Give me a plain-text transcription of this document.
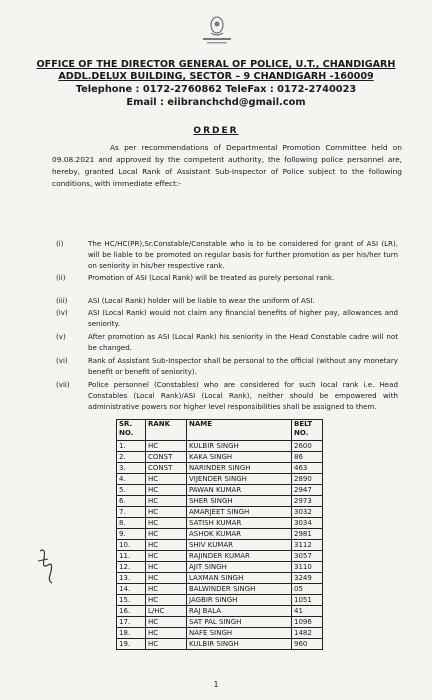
OFFICE OF THE DIRECTOR GENERAL OF POLICE, U.T., CHANDIGARH
ADDL.DELUX BUILDING, SECTOR – 9 CHANDIGARH -160009
Telephone : 0172-2760862 TeleFax : 0172-2740023
Email : eiibranchchd@gmail.com
ORDER

As per recommendations of Departmental Promotion Committee held on 09.08.2021 and approved by the competent authority, the following police personnel are, hereby, granted Local Rank of Assistant Sub-Inspector of Police subject to the following conditions, with immediate effect:-

(i)	The HC/HC(PR),Sr.Constable/Constable who is to be considered for grant of ASI (LR), will be liable to be promoted on regular basis for further promotion as per his/her turn on seniority in his/her respective rank.
(ii)	Promotion of ASI (Local Rank) will be treated as purely personal rank.
(iii)	ASI (Local Rank) holder will be liable to wear the uniform of ASI.
(iv)	ASI (Local Rank) would not claim any financial benefits of higher pay, allowances and seniority.
(v)	After promotion as ASI (Local Rank) his seniority in the Head Constable cadre will not be changed.
(vi)	Rank of Assistant Sub-Inspector shall be personal to the official (without any monetary benefit or benefit of seniority).
(vii)	Police personnel (Constables) who are considered for such local rank i.e. Head Constables (Local Rank)/ASI (Local Rank), neither should be empowered with administrative powers nor higher level responsibilities shall be assigned to them.
SR. NO.	RANK	NAME	BELT NO.
1.	HC	KULBIR SINGH	2600
2.	CONST	KAKA SINGH	86
3.	CONST	NARINDER SINGH	463
4.	HC	VIJENDER SINGH	2890
5.	HC	PAWAN KUMAR	2947
6.	HC	SHER SINGH	2973
7.	HC	AMARJEET SINGH	3032
8.	HC	SATISH KUMAR	3034
9.	HC	ASHOK KUMAR	2981
10.	HC	SHIV KUMAR	3112
11.	HC	RAJINDER KUMAR	3057
12.	HC	AJIT SINGH	3110
13.	HC	LAXMAN SINGH	3249
14.	HC	BALWINDER SINGH	05
15.	HC	JAGBIR SINGH	1051
16.	L/HC	RAJ BALA	41
17.	HC	SAT PAL SINGH	1096
18.	HC	NAFE SINGH	1482
19.	HC	KULBIR SINGH	960
1
